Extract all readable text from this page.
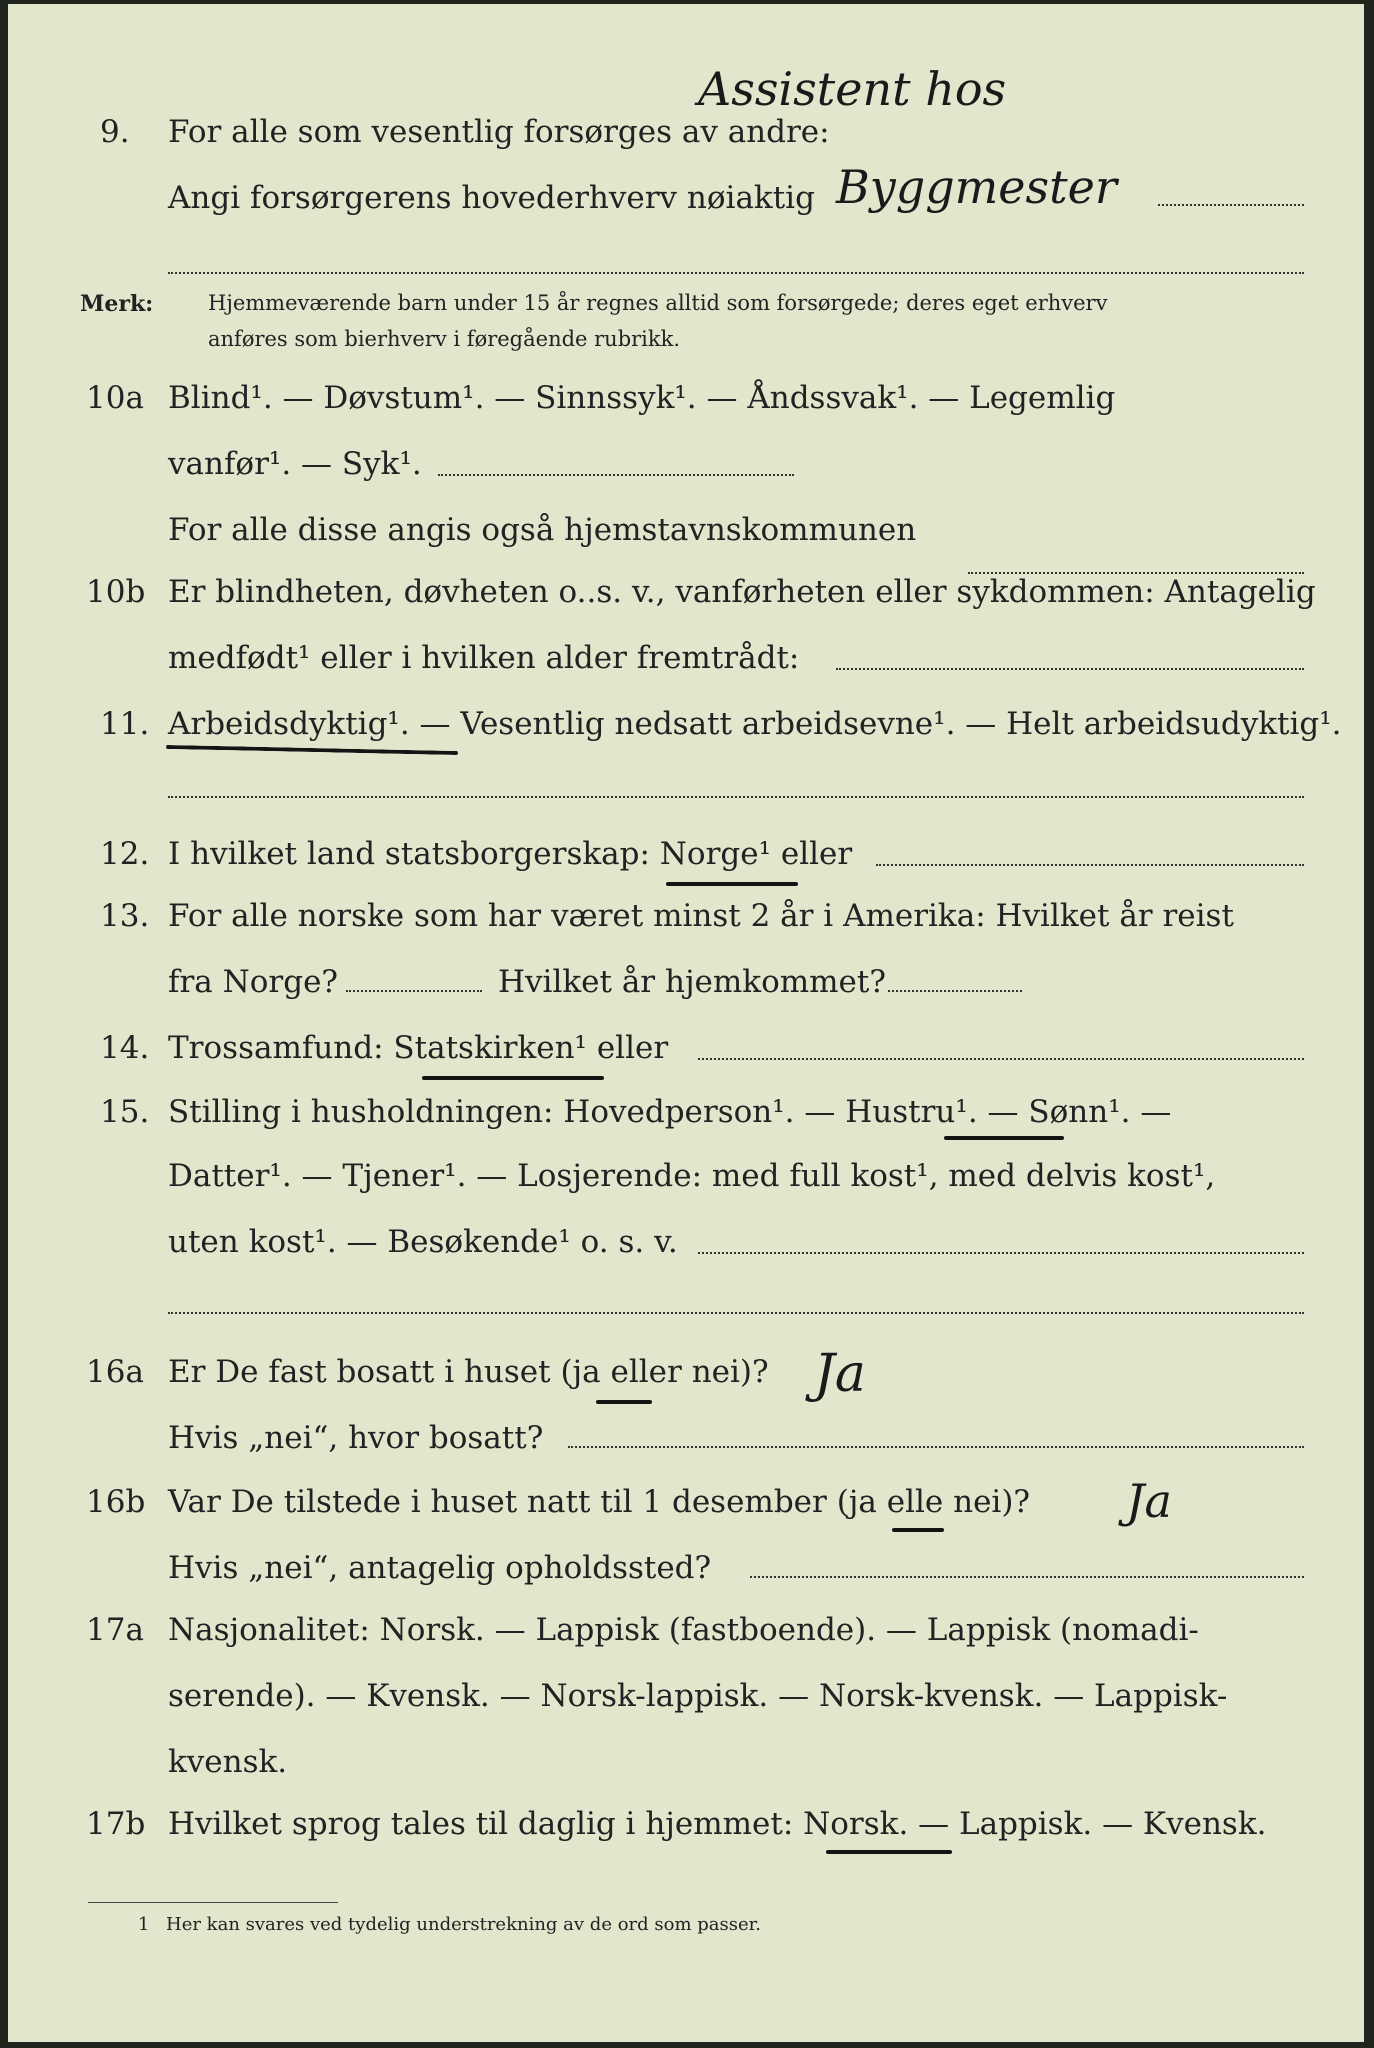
Assistent hos
9. For alle som vesentlig forsørges av andre:
Angi forsørgerens hovederhverv nøiaktig Byggmester
Merk:	Hjemmeværende barn under 15 år regnes alltid som forsørgede; deres eget erhverv
anføres som bierhverv i føregående rubrikk.
10a Blind¹. — Døvstum¹. — Sinnssyk¹. — Åndssvak¹. — Legemlig
vanfør¹. — Syk¹.
For alle disse angis også hjemstavnskommunen
10b Er blindheten, døvheten o..s. v., vanførheten eller sykdommen: Antagelig
medfødt¹ eller i hvilken alder fremtrådt:
11. Arbeidsdyktig¹. — Vesentlig nedsatt arbeidsevne¹. — Helt arbeidsudyktig¹.
12. I hvilket land statsborgerskap: Norge¹ eller
13. For alle norske som har været minst 2 år i Amerika: Hvilket år reist
fra Norge?	Hvilket år hjemkommet?
14. Trossamfund: Statskirken¹ eller
15. Stilling i husholdningen: Hovedperson¹. — Hustru¹. — Sønn¹. —
Datter¹. — Tjener¹. — Losjerende: med full kost¹, med delvis kost¹,
uten kost¹. — Besøkende¹ o. s. v.
16a Er De fast bosatt i huset (ja eller nei)? Ja
Hvis „nei“, hvor bosatt?
16b Var De tilstede i huset natt til 1 desember (ja elle nei)? Ja
Hvis „nei“, antagelig opholdssted?
17a Nasjonalitet: Norsk. — Lappisk (fastboende). — Lappisk (nomadi-
serende). — Kvensk. — Norsk-lappisk. — Norsk-kvensk. — Lappisk-
kvensk.
17b Hvilket sprog tales til daglig i hjemmet: Norsk. — Lappisk. — Kvensk.
1 Her kan svares ved tydelig understrekning av de ord som passer.
